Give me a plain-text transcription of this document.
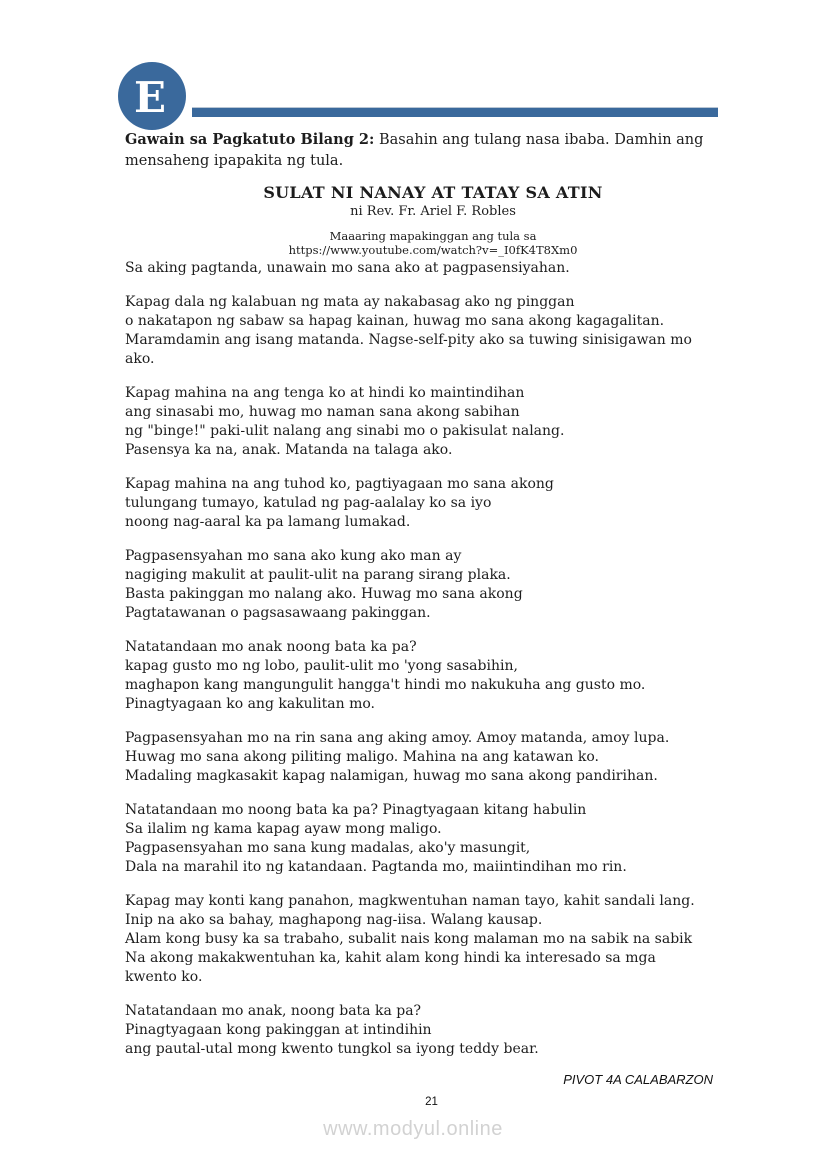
E

Gawain sa Pagkatuto Bilang 2: Basahin ang tulang nasa ibaba. Damhin ang mensaheng ipapakita ng tula.

SULAT NI NANAY AT TATAY SA ATIN
ni Rev. Fr. Ariel F. Robles
Maaaring mapakinggan ang tula sa
https://www.youtube.com/watch?v=_I0fK4T8Xm0

Sa aking pagtanda, unawain mo sana ako at pagpasensiyahan.

Kapag dala ng kalabuan ng mata ay nakabasag ako ng pinggan
o nakatapon ng sabaw sa hapag kainan, huwag mo sana akong kagagalitan.
Maramdamin ang isang matanda. Nagse-self-pity ako sa tuwing sinisigawan mo
ako.

Kapag mahina na ang tenga ko at hindi ko maintindihan
ang sinasabi mo, huwag mo naman sana akong sabihan
ng "binge!" paki-ulit nalang ang sinabi mo o pakisulat nalang.
Pasensya ka na, anak. Matanda na talaga ako.

Kapag mahina na ang tuhod ko, pagtiyagaan mo sana akong
tulungang tumayo, katulad ng pag-aalalay ko sa iyo
noong nag-aaral ka pa lamang lumakad.

Pagpasensyahan mo sana ako kung ako man ay
nagiging makulit at paulit-ulit na parang sirang plaka.
Basta pakinggan mo nalang ako. Huwag mo sana akong
Pagtatawanan o pagsasawaang pakinggan.

Natatandaan mo anak noong bata ka pa?
kapag gusto mo ng lobo, paulit-ulit mo 'yong sasabihin,
maghapon kang mangungulit hangga't hindi mo nakukuha ang gusto mo.
Pinagtyagaan ko ang kakulitan mo.

Pagpasensyahan mo na rin sana ang aking amoy. Amoy matanda, amoy lupa.
Huwag mo sana akong piliting maligo. Mahina na ang katawan ko.
Madaling magkasakit kapag nalamigan, huwag mo sana akong pandirihan.

Natatandaan mo noong bata ka pa? Pinagtyagaan kitang habulin
Sa ilalim ng kama kapag ayaw mong maligo.
Pagpasensyahan mo sana kung madalas, ako'y masungit,
Dala na marahil ito ng katandaan. Pagtanda mo, maiintindihan mo rin.

Kapag may konti kang panahon, magkwentuhan naman tayo, kahit sandali lang.
Inip na ako sa bahay, maghapong nag-iisa. Walang kausap.
Alam kong busy ka sa trabaho, subalit nais kong malaman mo na sabik na sabik
Na akong makakwentuhan ka, kahit alam kong hindi ka interesado sa mga
kwento ko.

Natatandaan mo anak, noong bata ka pa?
Pinagtyagaan kong pakinggan at intindihin
ang pautal-utal mong kwento tungkol sa iyong teddy bear.

PIVOT 4A CALABARZON
21
www.modyul.online
